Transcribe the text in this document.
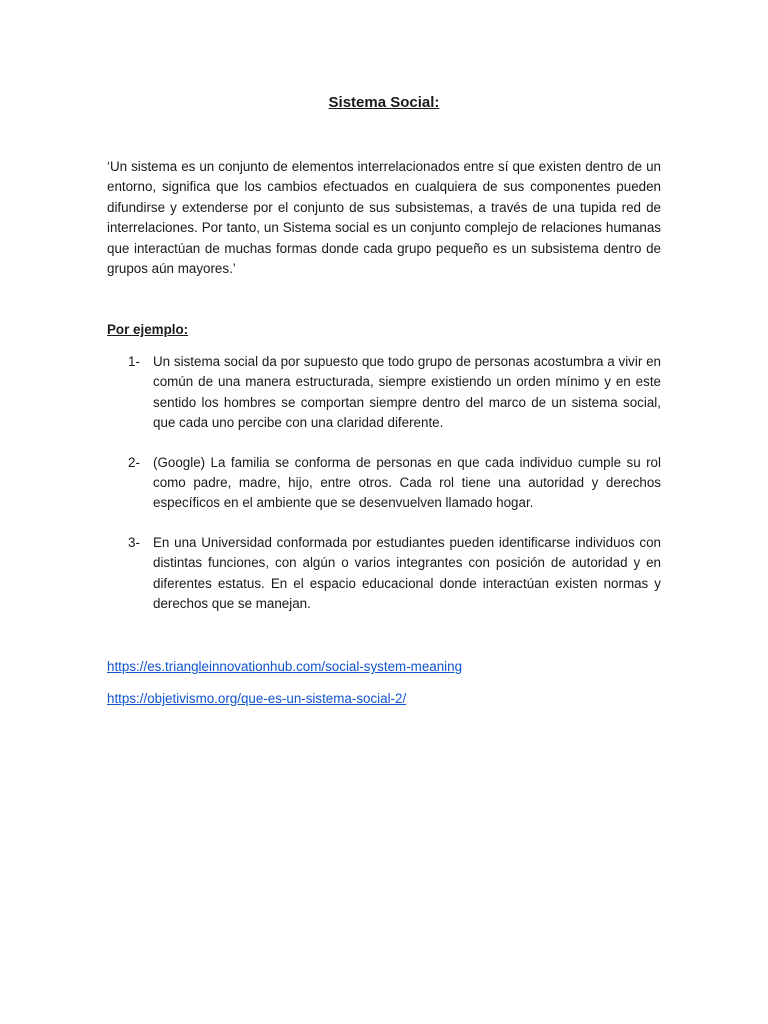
Sistema Social:

‘Un sistema es un conjunto de elementos interrelacionados entre sí que existen dentro de un entorno, significa que los cambios efectuados en cualquiera de sus componentes pueden difundirse y extenderse por el conjunto de sus subsistemas, a través de una tupida red de interrelaciones. Por tanto, un Sistema social es un conjunto complejo de relaciones humanas que interactúan de muchas formas donde cada grupo pequeño es un subsistema dentro de grupos aún mayores.’

Por ejemplo:

1- Un sistema social da por supuesto que todo grupo de personas acostumbra a vivir en común de una manera estructurada, siempre existiendo un orden mínimo y en este sentido los hombres se comportan siempre dentro del marco de un sistema social, que cada uno percibe con una claridad diferente.
2- (Google) La familia se conforma de personas en que cada individuo cumple su rol como padre, madre, hijo, entre otros. Cada rol tiene una autoridad y derechos específicos en el ambiente que se desenvuelven llamado hogar.
3- En una Universidad conformada por estudiantes pueden identificarse individuos con distintas funciones, con algún o varios integrantes con posición de autoridad y en diferentes estatus. En el espacio educacional donde interactúan existen normas y derechos que se manejan.
https://es.triangleinnovationhub.com/social-system-meaning
https://objetivismo.org/que-es-un-sistema-social-2/
